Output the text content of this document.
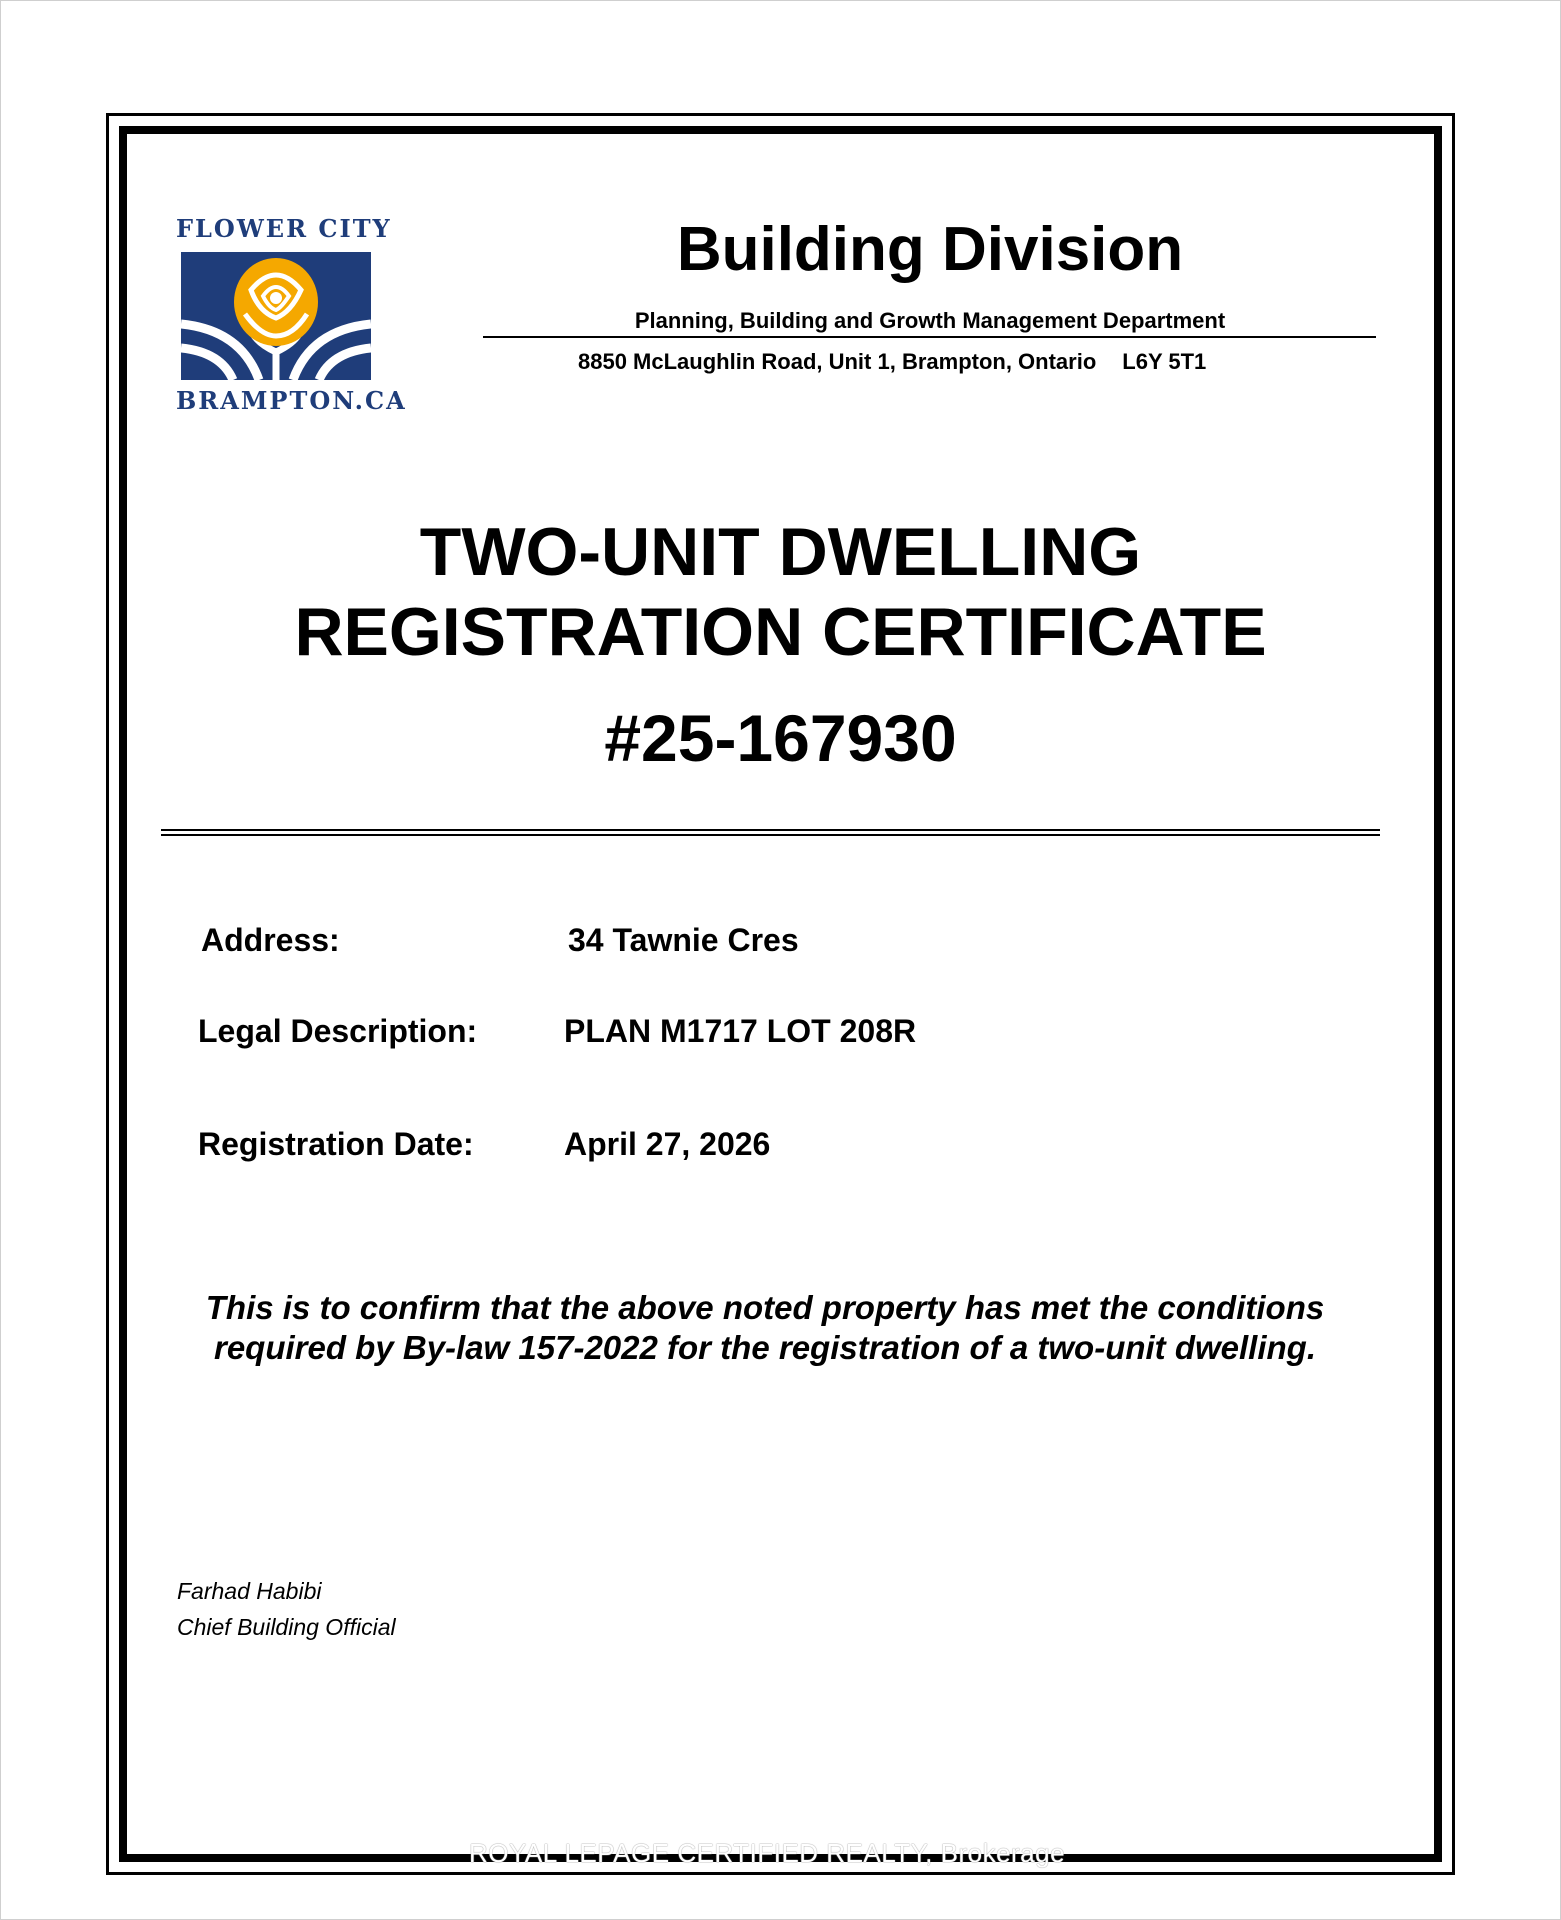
FLOWER CITY
BRAMPTON.CA
Building Division
Planning, Building and Growth Management Department
8850 McLaughlin Road, Unit 1, Brampton, Ontario L6Y 5T1
TWO-UNIT DWELLING
REGISTRATION CERTIFICATE
#25-167930
Address:	34 Tawnie Cres
Legal Description:	PLAN M1717 LOT 208R
Registration Date:	April 27, 2026
This is to confirm that the above noted property has met the conditions
required by By-law 157-2022 for the registration of a two-unit dwelling.
Farhad Habibi
Chief Building Official
ROYAL LEPAGE CERTIFIED REALTY, Brokerage
